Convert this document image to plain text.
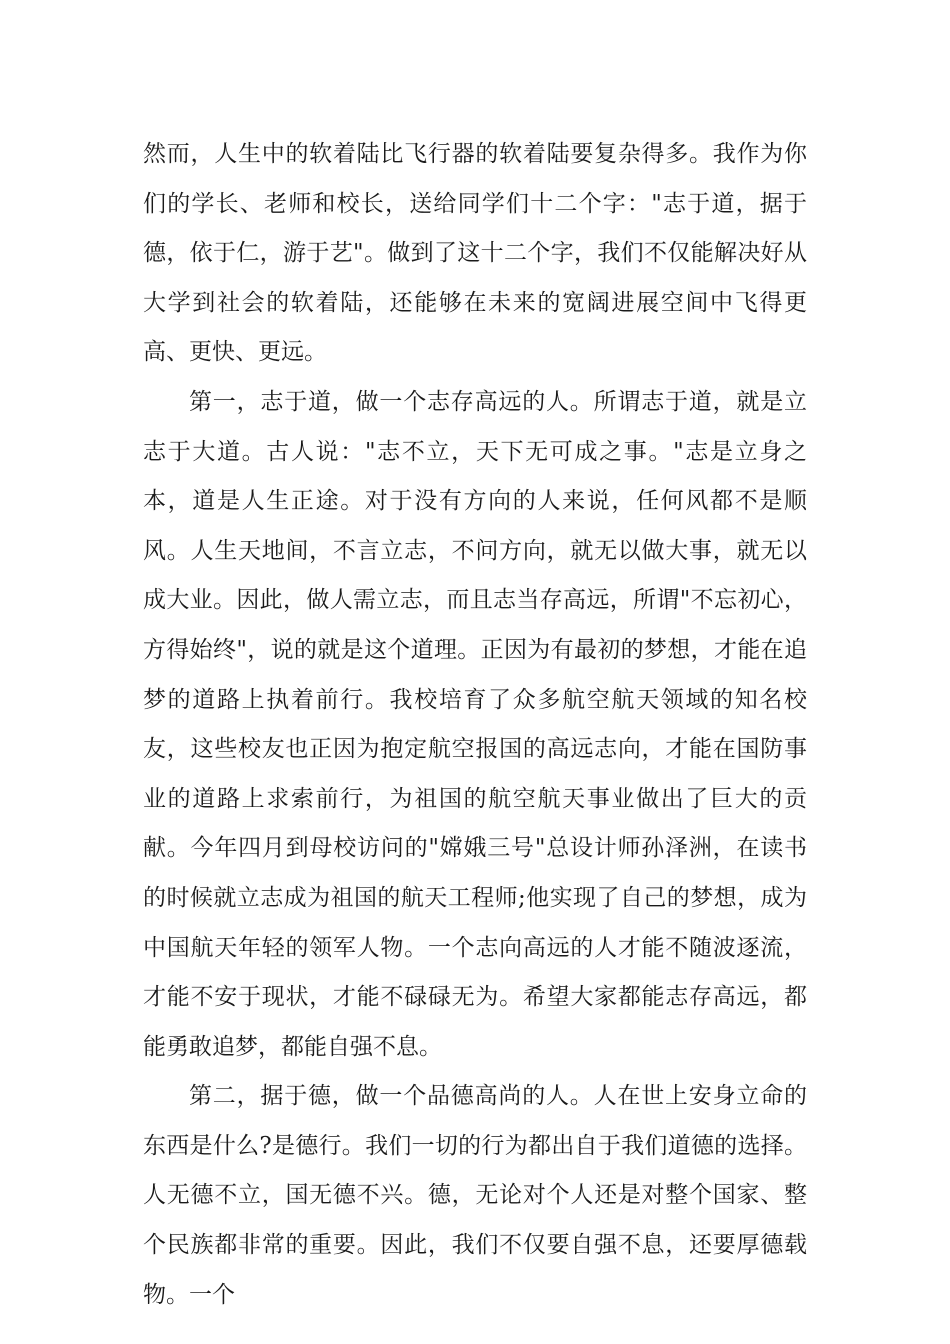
然而，人生中的软着陆比飞行器的软着陆要复杂得多。我作为你们的学长、老师和校长，送给同学们十二个字："志于道，据于德，依于仁，游于艺"。做到了这十二个字，我们不仅能解决好从大学到社会的软着陆，还能够在未来的宽阔进展空间中飞得更高、更快、更远。

第一，志于道，做一个志存高远的人。所谓志于道，就是立志于大道。古人说："志不立，天下无可成之事。"志是立身之本，道是人生正途。对于没有方向的人来说，任何风都不是顺风。人生天地间，不言立志，不问方向，就无以做大事，就无以成大业。因此，做人需立志，而且志当存高远，所谓"不忘初心，方得始终"，说的就是这个道理。正因为有最初的梦想，才能在追梦的道路上执着前行。我校培育了众多航空航天领域的知名校友，这些校友也正因为抱定航空报国的高远志向，才能在国防事业的道路上求索前行，为祖国的航空航天事业做出了巨大的贡献。今年四月到母校访问的"嫦娥三号"总设计师孙泽洲，在读书的时候就立志成为祖国的航天工程师;他实现了自己的梦想，成为中国航天年轻的领军人物。一个志向高远的人才能不随波逐流，才能不安于现状，才能不碌碌无为。希望大家都能志存高远，都能勇敢追梦，都能自强不息。

第二，据于德，做一个品德高尚的人。人在世上安身立命的东西是什么?是德行。我们一切的行为都出自于我们道德的选择。人无德不立，国无德不兴。德，无论对个人还是对整个国家、整个民族都非常的重要。因此，我们不仅要自强不息，还要厚德载物。一个
